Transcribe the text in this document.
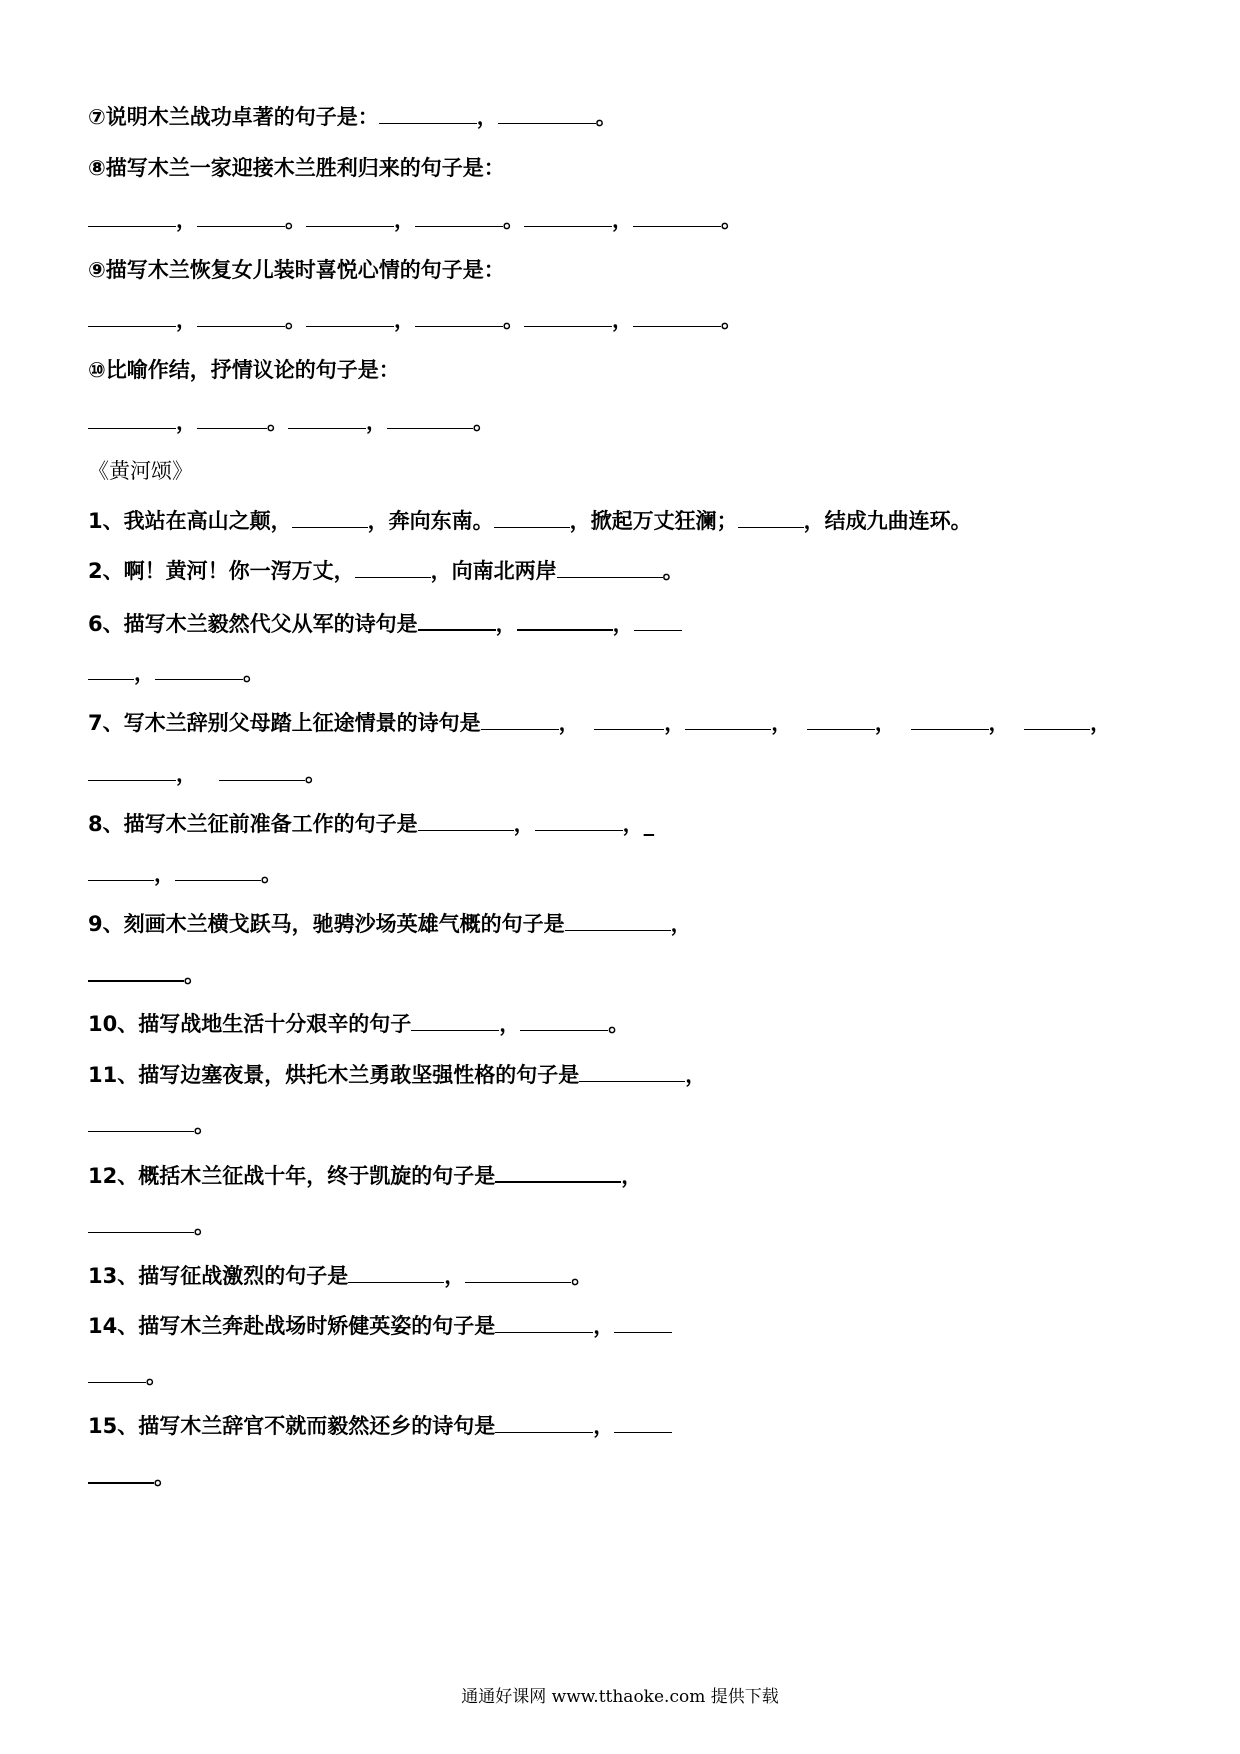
⑦说明木兰战功卓著的句子是：	，	。
⑧描写木兰一家迎接木兰胜利归来的句子是：
，	。	，	。	，	。
⑨描写木兰恢复女儿装时喜悦心情的句子是：
，	。	，	。	，	。
⑩比喻作结，抒情议论的句子是：
，	。	，	。
《黄河颂》
1、我站在高山之颠，	，奔向东南。	，掀起万丈狂澜；	，结成九曲连环。
2、啊！黄河！你一泻万丈，	，向南北两岸	。
6、描写木兰毅然代父从军的诗句是	，	，
，	。
7、写木兰辞别父母踏上征途情景的诗句是	，	，	，	，	，	，
，	。
8、描写木兰征前准备工作的句子是	，	，_
，	。
9、刻画木兰横戈跃马，驰骋沙场英雄气概的句子是	，
。
10、描写战地生活十分艰辛的句子	，	。
11、描写边塞夜景，烘托木兰勇敢坚强性格的句子是	，
。
12、概括木兰征战十年，终于凯旋的句子是	，
。
13、描写征战激烈的句子是	，	。
14、描写木兰奔赴战场时矫健英姿的句子是	，
。
15、描写木兰辞官不就而毅然还乡的诗句是	，
。
通通好课网 www.tthaoke.com 提供下载
